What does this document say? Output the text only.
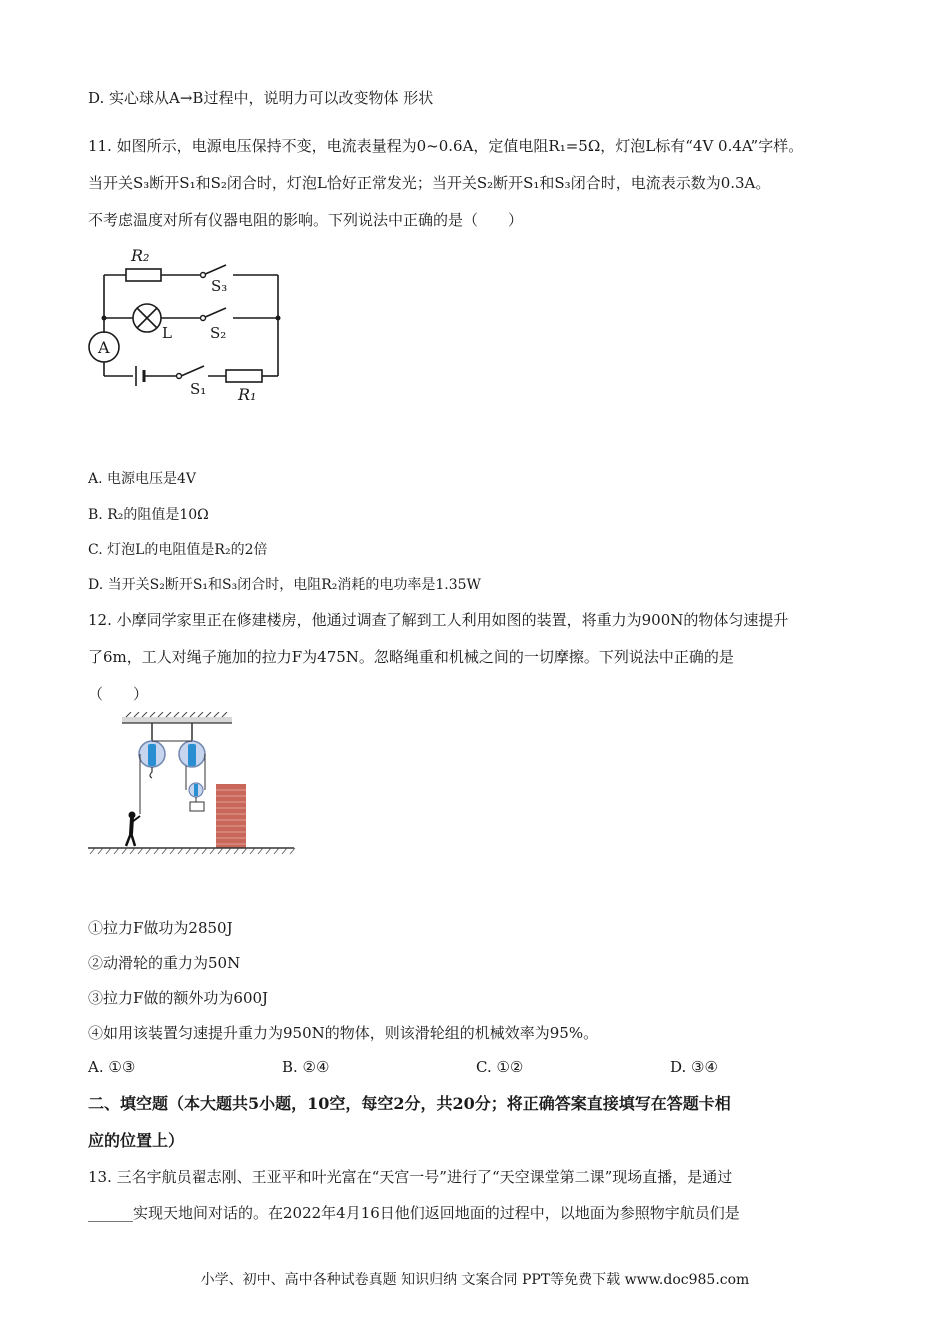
D. 实心球从A→B过程中，说明力可以改变物体 形状
11. 如图所示，电源电压保持不变，电流表量程为0~0.6A，定值电阻R₁=5Ω，灯泡L标有“4V 0.4A”字样。
当开关S₃断开S₁和S₂闭合时，灯泡L恰好正常发光；当开关S₂断开S₁和S₃闭合时，电流表示数为0.3A。
不考虑温度对所有仪器电阻的影响。下列说法中正确的是（　　）
R₂
S₃
L	S₂
A
S₁ R₁
A. 电源电压是4V
B. R₂的阻值是10Ω
C. 灯泡L的电阻值是R₂的2倍
D. 当开关S₂断开S₁和S₃闭合时，电阻R₂消耗的电功率是1.35W
12. 小摩同学家里正在修建楼房，他通过调查了解到工人利用如图的装置，将重力为900N的物体匀速提升
了6m，工人对绳子施加的拉力F为475N。忽略绳重和机械之间的一切摩擦。下列说法中正确的是
（　　）
①拉力F做功为2850J
②动滑轮的重力为50N
③拉力F做的额外功为600J
④如用该装置匀速提升重力为950N的物体，则该滑轮组的机械效率为95%。
A. ①③	B. ②④	C. ①②	D. ③④
二、填空题（本大题共5小题，10空，每空2分，共20分；将正确答案直接填写在答题卡相
应的位置上）
13. 三名宇航员翟志刚、王亚平和叶光富在“天宫一号”进行了“天空课堂第二课”现场直播，是通过
______实现天地间对话的。在2022年4月16日他们返回地面的过程中，以地面为参照物宇航员们是
小学、初中、高中各种试卷真题 知识归纳 文案合同 PPT等免费下载 www.doc985.com
